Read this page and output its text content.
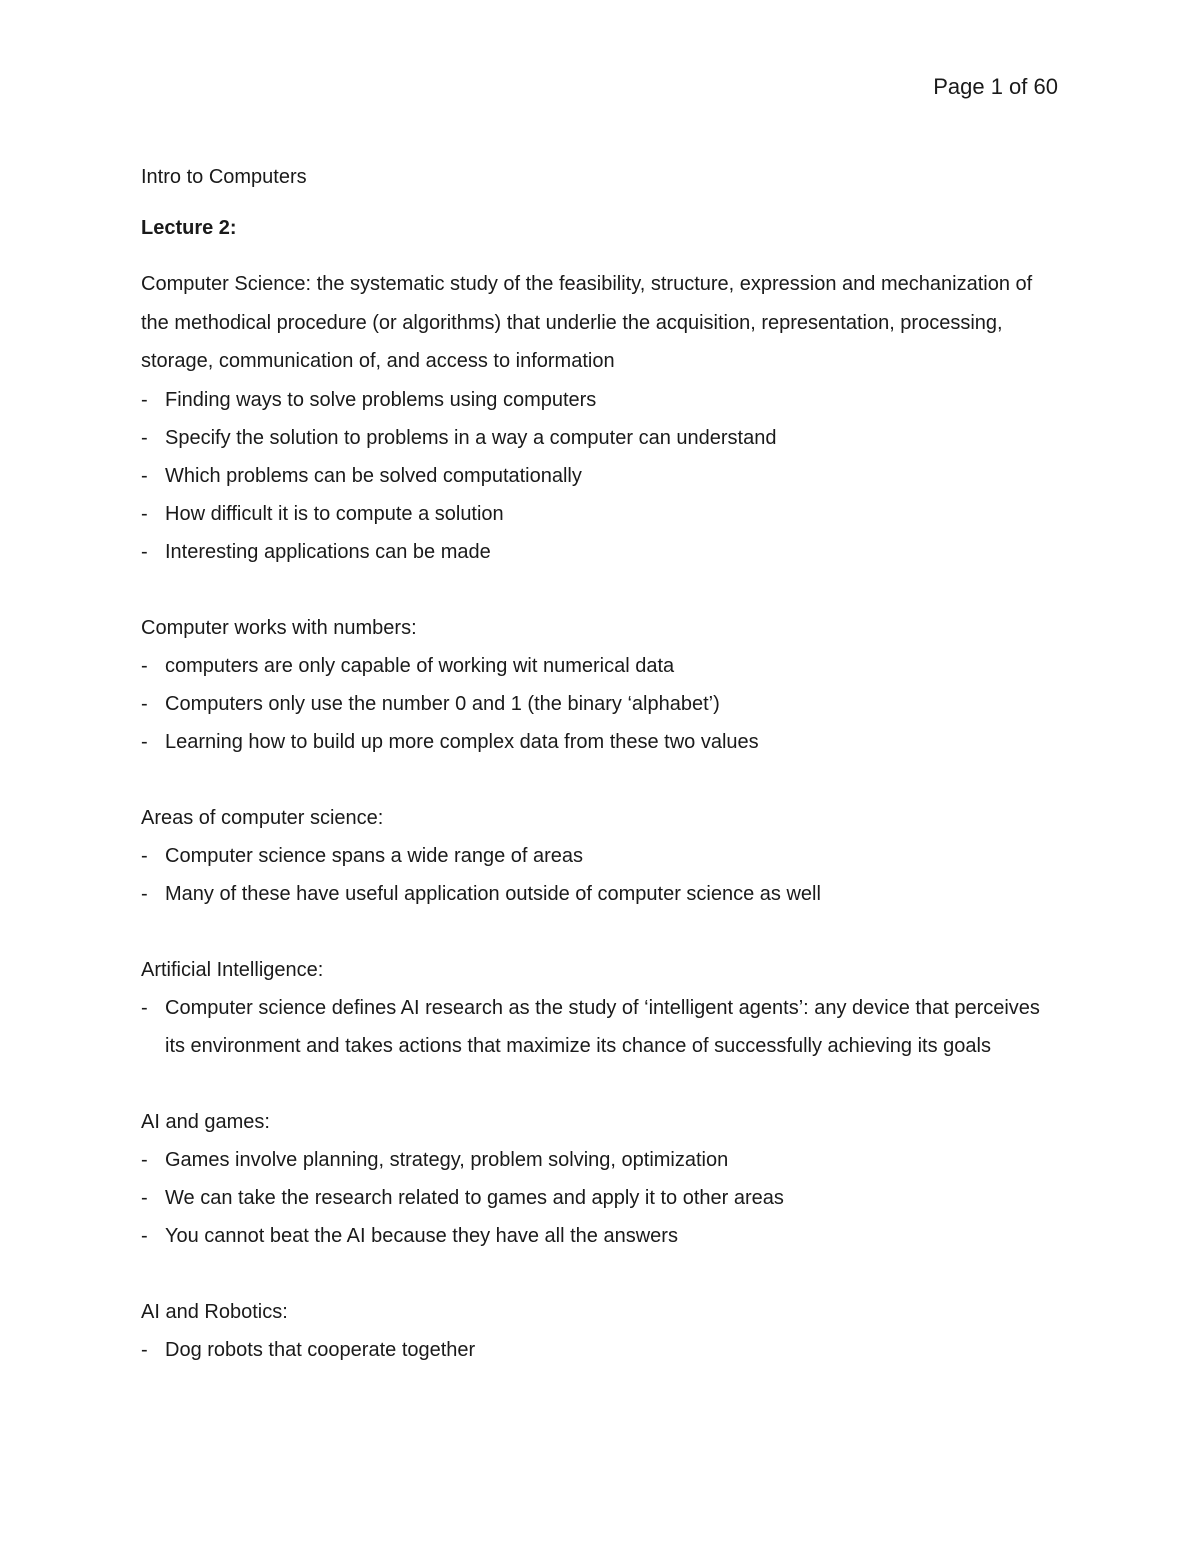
Page 1 of 60
Intro to Computers
Lecture 2:

Computer Science: the systematic study of the feasibility, structure, expression and mechanization of the methodical procedure (or algorithms) that underlie the acquisition, representation, processing, storage, communication of, and access to information

-
Finding ways to solve problems using computers
-
Specify the solution to problems in a way a computer can understand
-
Which problems can be solved computationally
-
How difficult it is to compute a solution
-
Interesting applications can be made

Computer works with numbers:

-
computers are only capable of working wit numerical data
-
Computers only use the number 0 and 1 (the binary ‘alphabet’)
-
Learning how to build up more complex data from these two values

Areas of computer science:

-
Computer science spans a wide range of areas
-
Many of these have useful application outside of computer science as well

Artificial Intelligence:

-
Computer science defines AI research as the study of ‘intelligent agents’: any device that perceives its environment and takes actions that maximize its chance of successfully achieving its goals

AI and games:

-
Games involve planning, strategy, problem solving, optimization
-
We can take the research related to games and apply it to other areas
-
You cannot beat the AI because they have all the answers

AI and Robotics:

-
Dog robots that cooperate together
